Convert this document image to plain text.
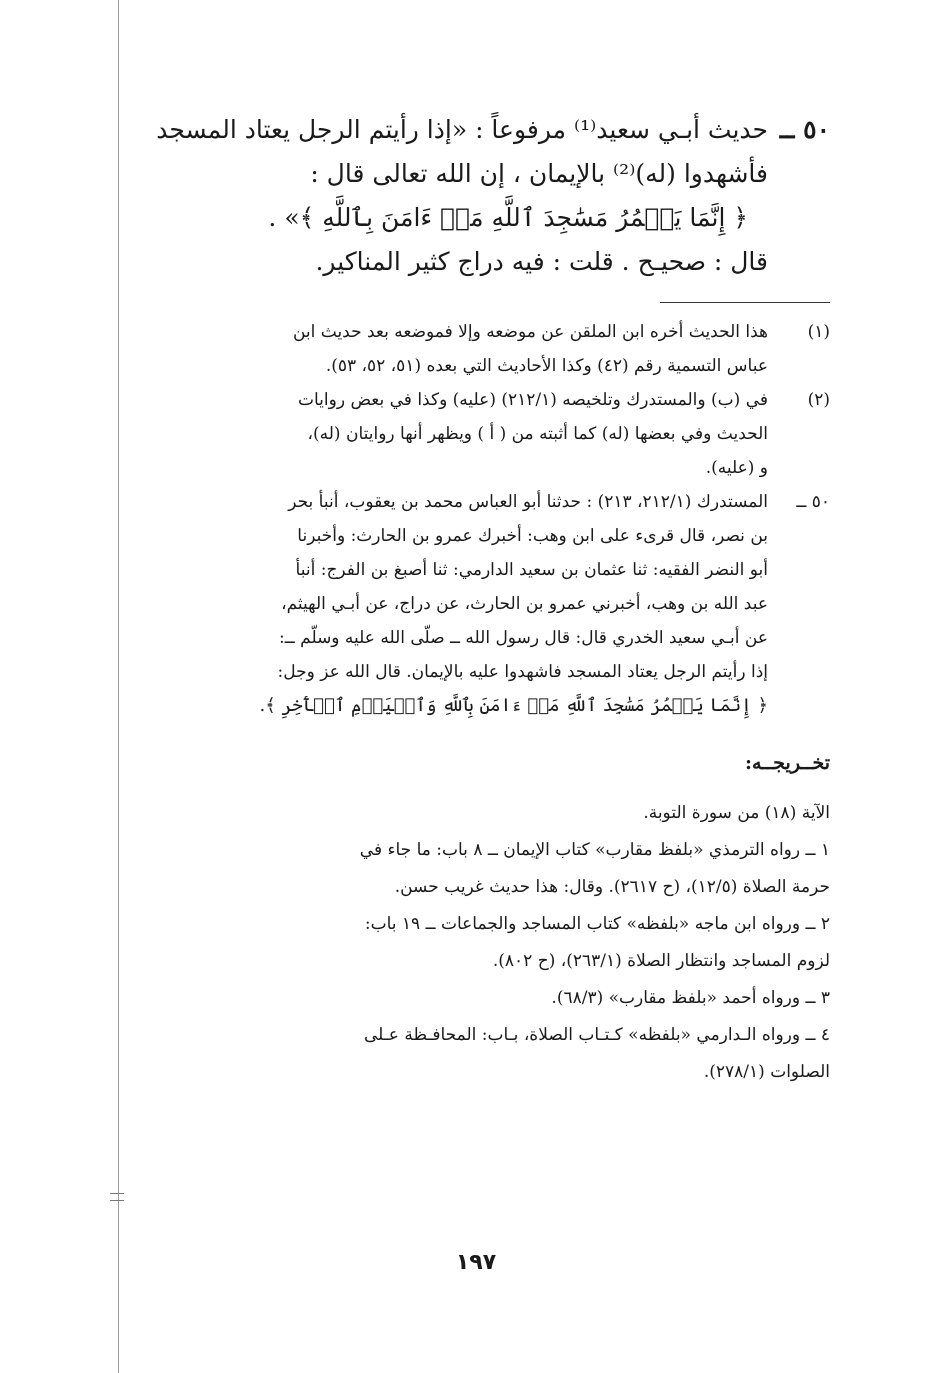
٥٠ ــ
حديث أبـي سعيد⁽¹⁾ مرفوعاً : «إذا رأيتم الرجل يعتاد المسجد
فأشهدوا (له)⁽²⁾ بالإيمان ، إن الله تعالى قال :
﴿ إِنَّمَا يَعۡمُرُ مَسَٰجِدَ ٱللَّهِ مَنۡ ءَامَنَ بِٱللَّهِ ﴾» .
قال : صحيـح . قلت : فيه دراج كثير المناكير.
(١)
هذا الحديث أخره ابن الملقن عن موضعه وإلا فموضعه بعد حديث ابن
عباس التسمية رقم (٤٢) وكذا الأحاديث التي بعده (٥١، ٥٢، ٥٣).
(٢)
في (ب) والمستدرك وتلخيصه (٢١٢/١) (عليه) وكذا في بعض روايات
الحديث وفي بعضها (له) كما أثبته من ( أ ) ويظهر أنها روايتان (له)،
و (عليه).
٥٠ ــ
المستدرك (٢١٢/١، ٢١٣) : حدثنا أبو العباس محمد بن يعقوب، أنبأ بحر
بن نصر، قال قرىء على ابن وهب: أخبرك عمرو بن الحارث: وأخبرنا
أبو النضر الفقيه: ثنا عثمان بن سعيد الدارمي: ثنا أصبغ بن الفرج: أنبأ
عبد الله بن وهب، أخبرني عمرو بن الحارث، عن دراج، عن أبـي الهيثم،
عن أبـي سعيد الخدري قال: قال رسول الله ــ صلّى الله عليه وسلّم ــ:
إذا رأيتم الرجل يعتاد المسجد فاشهدوا عليه بالإيمان. قال الله عز وجل:
﴿ إِنَّمَا يَعۡمُرُ مَسَٰجِدَ ٱللَّهِ مَنۡ ءَامَنَ بِٱللَّهِ وَٱلۡيَوۡمِ ٱلۡأٓخِرِ ﴾.
تخــريجــه:
الآية (١٨) من سورة التوبة.
١ ــ رواه الترمذي «بلفظ مقارب» كتاب الإيمان ــ ٨ باب: ما جاء في
حرمة الصلاة (١٢/٥)، (ح ٢٦١٧). وقال: هذا حديث غريب حسن.
٢ ــ ورواه ابن ماجه «بلفظه» كتاب المساجد والجماعات ــ ١٩ باب:
لزوم المساجد وانتظار الصلاة (٢٦٣/١)، (ح ٨٠٢).
٣ ــ ورواه أحمد «بلفظ مقارب» (٦٨/٣).
٤ ــ ورواه الـدارمي «بلفظه» كـتـاب الصلاة، بـاب: المحافـظة عـلى
الصلوات (٢٧٨/١).
١٩٧
